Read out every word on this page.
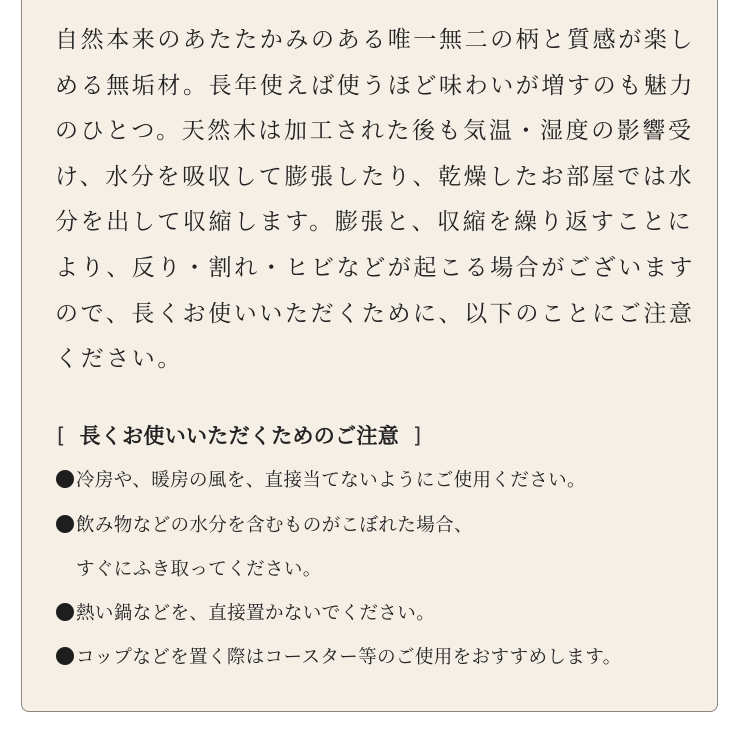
自然本来のあたたかみのある唯一無二の柄と質感が楽し
める無垢材。長年使えば使うほど味わいが増すのも魅力
のひとつ。天然木は加工された後も気温・湿度の影響受
け、水分を吸収して膨張したり、乾燥したお部屋では水
分を出して収縮します。膨張と、収縮を繰り返すことに
より、反り・割れ・ヒビなどが起こる場合がございます
ので、長くお使いいただくために、以下のことにご注意
ください。
[ 長くお使いいただくためのご注意 ]
冷房や、暖房の風を、直接当てないようにご使用ください。
飲み物などの水分を含むものがこぼれた場合、
すぐにふき取ってください。
熱い鍋などを、直接置かないでください。
コップなどを置く際はコースター等のご使用をおすすめします。
